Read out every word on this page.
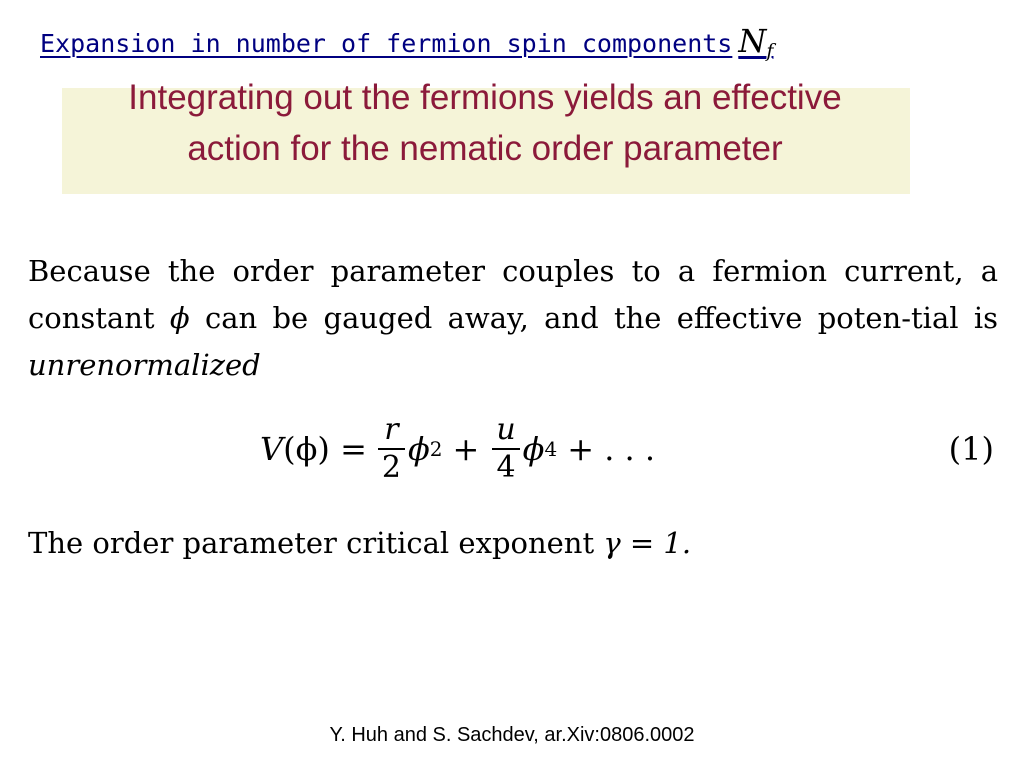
Expansion in number of fermion spin components $N_f$
Integrating out the fermions yields an effective action for the nematic order parameter
Because the order parameter couples to a fermion current, a constant ϕ can be gauged away, and the effective poten-tial is unrenormalized
V $(\phi) = \frac{r}{2}$ ϕ $2 + \frac{u}{4}$ ϕ 4 + . . .	(1)
The order parameter critical exponent γ = 1.
Y. Huh and S. Sachdev, ar.Xiv:0806.0002
